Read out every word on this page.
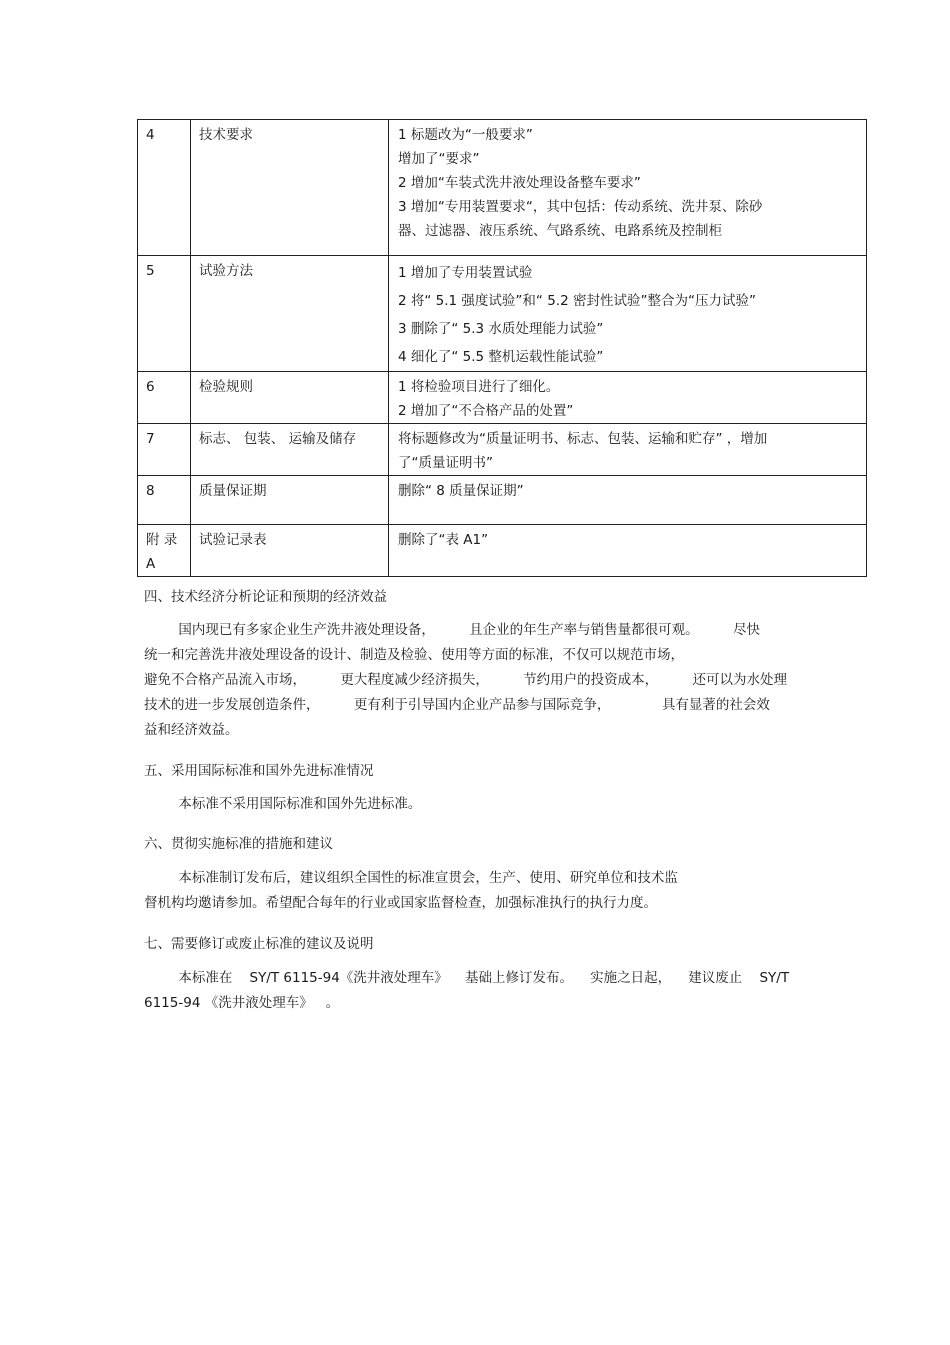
4	技术要求	1 标题改为“一般要求”
增加了“要求”
2 增加“车装式洗井液处理设备整车要求”
3 增加“专用装置要求“，其中包括：传动系统、洗井泵、除砂
器、过滤器、液压系统、气路系统、电路系统及控制柜

5	试验方法	1 增加了专用装置试验
2 将“ 5.1 强度试验”和“ 5.2 密封性试验”整合为“压力试验”
3 删除了“ 5.3 水质处理能力试验”
4 细化了“ 5.5 整机运载性能试验”

6	检验规则	1 将检验项目进行了细化。
2 增加了“不合格产品的处置”

7	标志、 包装、 运输及储存	将标题修改为“质量证明书、标志、包装、运输和贮存” ，增加
了“质量证明书”

8	质量保证期	删除“ 8 质量保证期”

附 录
A	试验记录表	删除了“表 A1”
四、技术经济分析论证和预期的经济效益
国内现已有多家企业生产洗井液处理设备，        且企业的年生产率与销售量都很可观。        尽快
统一和完善洗井液处理设备的设计、制造及检验、使用等方面的标准，不仅可以规范市场，
避免不合格产品流入市场，        更大程度减少经济损失，        节约用户的投资成本，        还可以为水处理
技术的进一步发展创造条件，        更有利于引导国内企业产品参与国际竞争，            具有显著的社会效
益和经济效益。
五、采用国际标准和国外先进标准情况
本标准不采用国际标准和国外先进标准。
六、贯彻实施标准的措施和建议
本标准制订发布后，建议组织全国性的标准宣贯会，生产、使用、研究单位和技术监
督机构均邀请参加。希望配合每年的行业或国家监督检查，加强标准执行的执行力度。
七、需要修订或废止标准的建议及说明
本标准在    SY/T 6115-94《洗井液处理车》    基础上修订发布。    实施之日起，    建议废止    SY/T
6115-94 《洗井液处理车》   。
